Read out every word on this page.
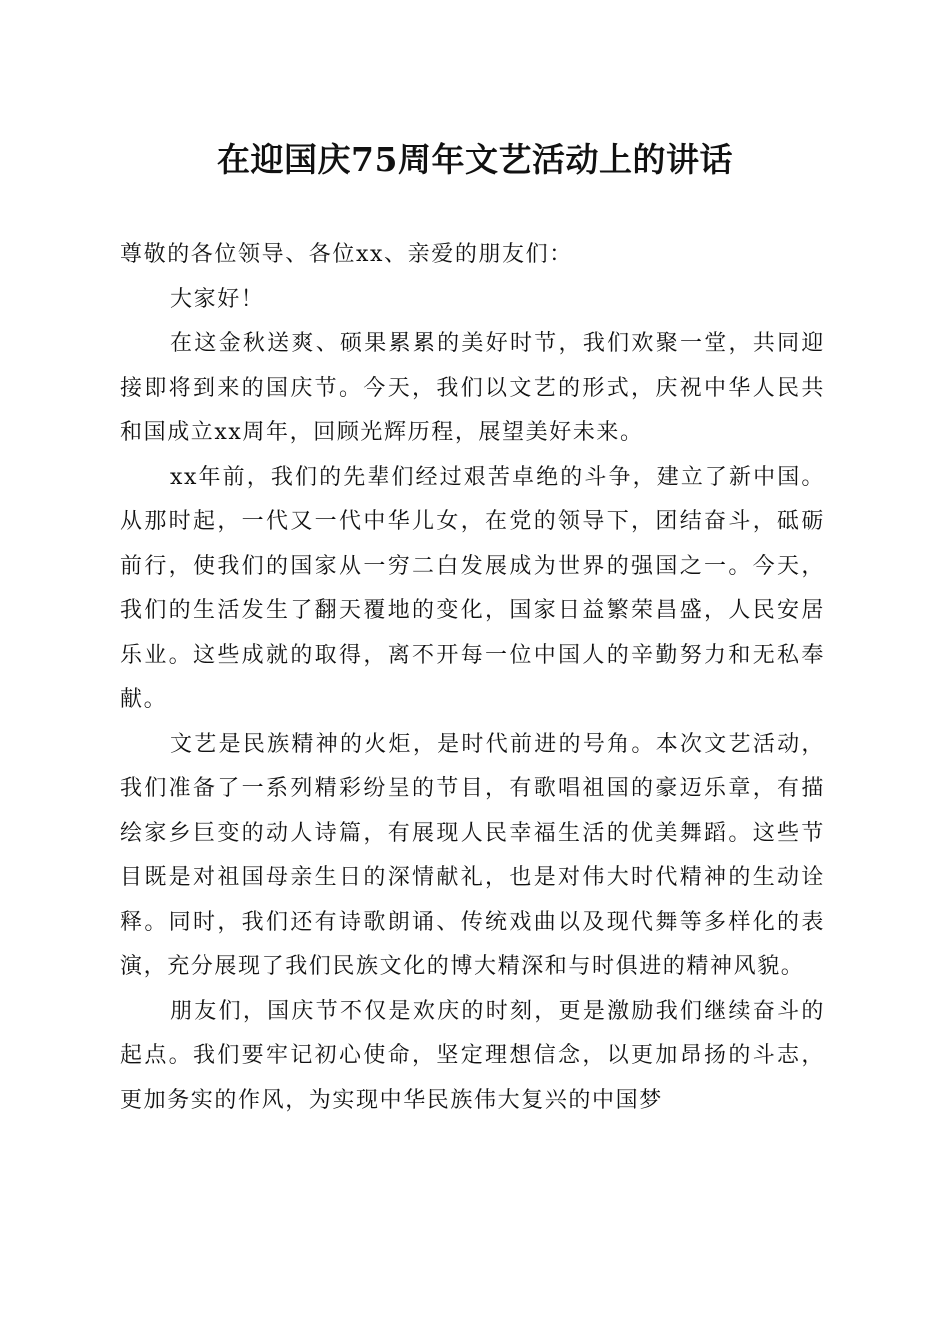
在迎国庆75周年文艺活动上的讲话

尊敬的各位领导、各位xx、亲爱的朋友们：

大家好！

在这金秋送爽、硕果累累的美好时节，我们欢聚一堂，共同迎接即将到来的国庆节。今天，我们以文艺的形式，庆祝中华人民共和国成立xx周年，回顾光辉历程，展望美好未来。

xx年前，我们的先辈们经过艰苦卓绝的斗争，建立了新中国。从那时起，一代又一代中华儿女，在党的领导下，团结奋斗，砥砺前行，使我们的国家从一穷二白发展成为世界的强国之一。今天，我们的生活发生了翻天覆地的变化，国家日益繁荣昌盛，人民安居乐业。这些成就的取得，离不开每一位中国人的辛勤努力和无私奉献。

文艺是民族精神的火炬，是时代前进的号角。本次文艺活动，我们准备了一系列精彩纷呈的节目，有歌唱祖国的豪迈乐章，有描绘家乡巨变的动人诗篇，有展现人民幸福生活的优美舞蹈。这些节目既是对祖国母亲生日的深情献礼，也是对伟大时代精神的生动诠释。同时，我们还有诗歌朗诵、传统戏曲以及现代舞等多样化的表演，充分展现了我们民族文化的博大精深和与时俱进的精神风貌。

朋友们，国庆节不仅是欢庆的时刻，更是激励我们继续奋斗的起点。我们要牢记初心使命，坚定理想信念，以更加昂扬的斗志，更加务实的作风，为实现中华民族伟大复兴的中国梦
